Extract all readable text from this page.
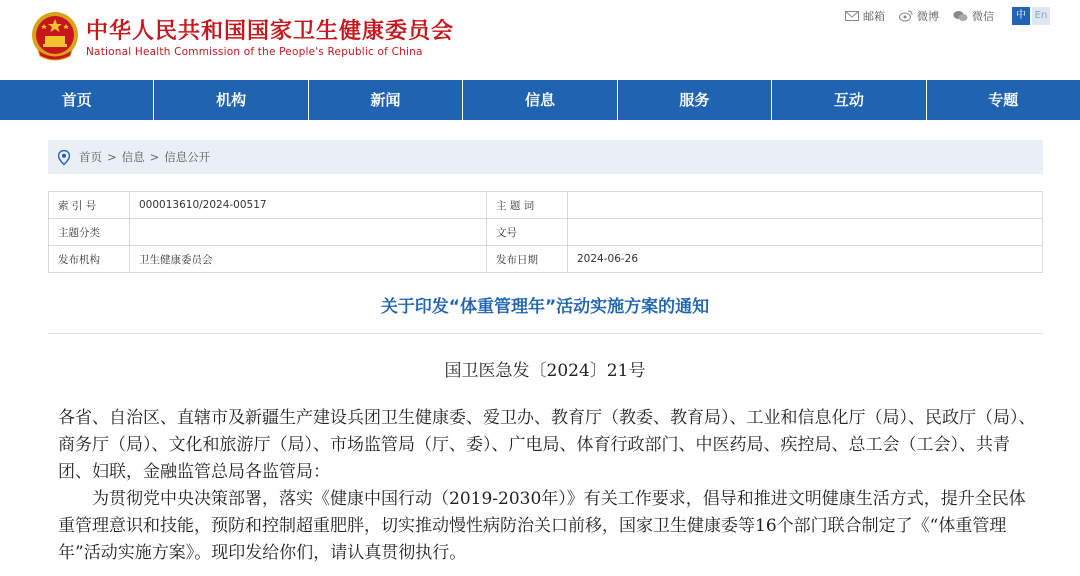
中华人民共和国国家卫生健康委员会
National Health Commission of the People's Republic of China
邮箱	微博	微信	中 En
首页	机构	新闻	信息	服务	互动	专题
首页 > 信息 > 信息公开
索 引 号	000013610/2024-00517	主 题 词	
主题分类		文号	
发布机构	卫生健康委员会	发布日期	2024-06-26
关于印发“体重管理年”活动实施方案的通知
国卫医急发〔2024〕21号

各省、自治区、直辖市及新疆生产建设兵团卫生健康委、爱卫办、教育厅（教委、教育局）、工业和信息化厅（局）、民政厅（局）、商务厅（局）、文化和旅游厅（局）、市场监管局（厅、委）、广电局、体育行政部门、中医药局、疾控局、总工会（工会）、共青团、妇联，金融监管总局各监管局：

为贯彻党中央决策部署，落实《健康中国行动（2019-2030年）》有关工作要求，倡导和推进文明健康生活方式，提升全民体重管理意识和技能，预防和控制超重肥胖，切实推动慢性病防治关口前移，国家卫生健康委等16个部门联合制定了《“体重管理年”活动实施方案》。现印发给你们，请认真贯彻执行。
